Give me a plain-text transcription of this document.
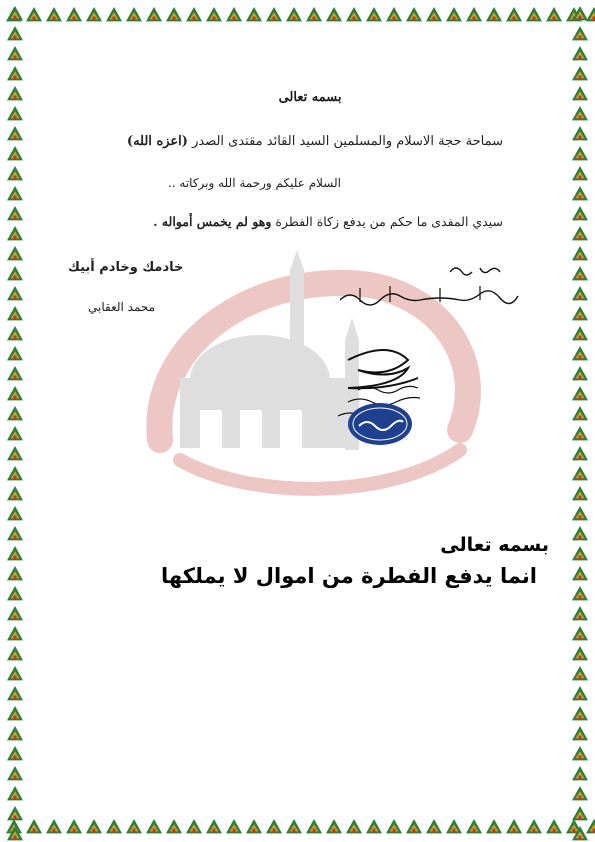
بسمه تعالى
سماحة حجة الاسلام والمسلمين السيد القائد مقتدى الصدر (اعزه الله)
السلام عليكم ورحمة الله وبركاته ..
سيدي المفدى ما حكم من يدفع زكاة الفطرة وهو لم يخمس أمواله .
خادمك وخادم أبيك
محمد العقابي
بسمه تعالى
انما يدفع الفطرة من اموال لا يملكها
